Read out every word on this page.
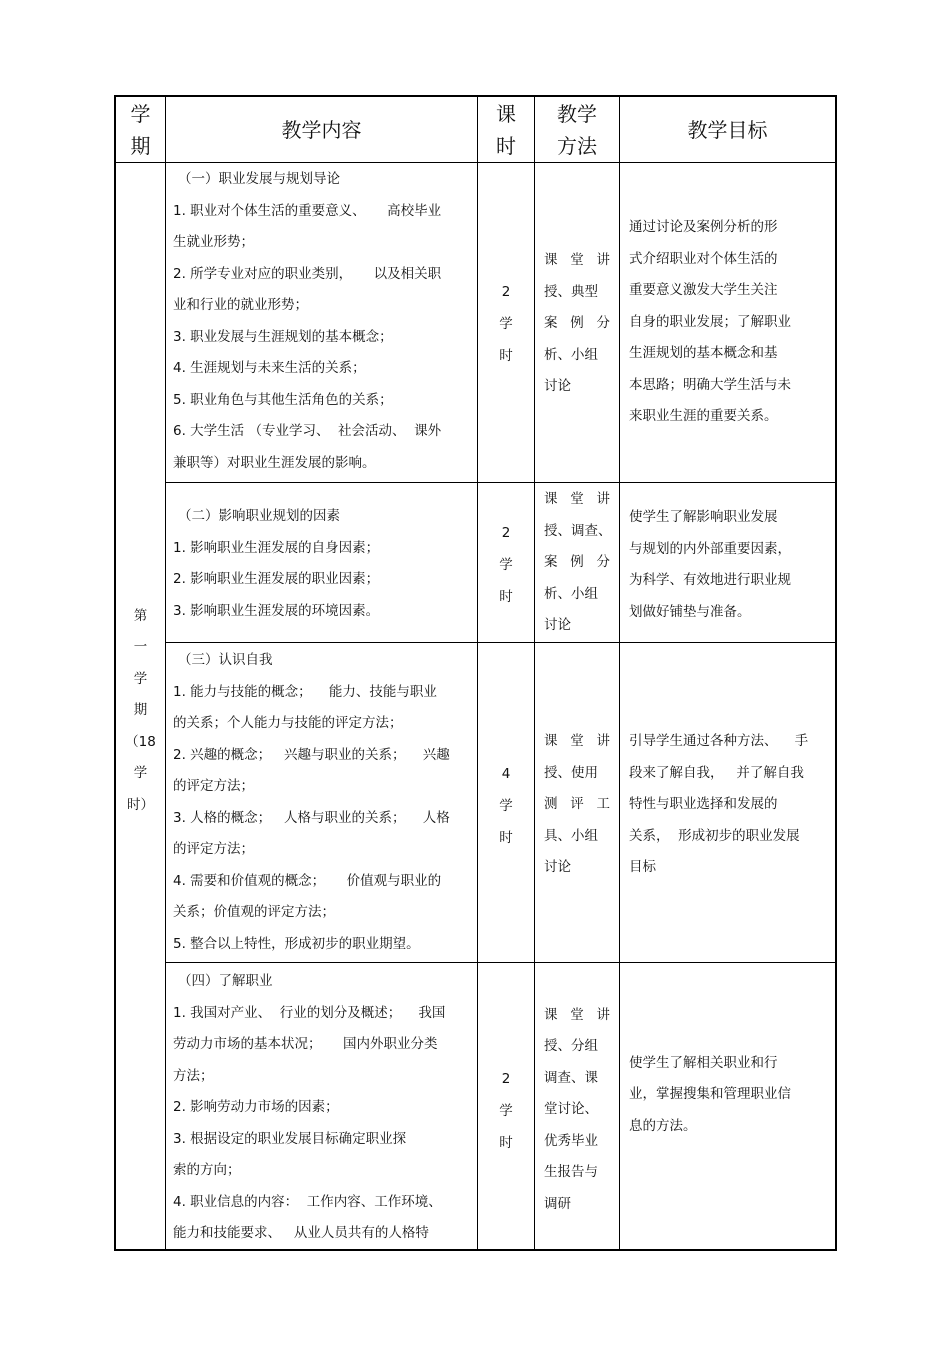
学
期
教学内容
课
时
教学
方法
教学目标
第
一
学
期
（18
学
时）
（一）职业发展与规划导论
1. 职业对个体生活的重要意义、     高校毕业
生就业形势；
2. 所学专业对应的职业类别，     以及相关职
业和行业的就业形势；
3. 职业发展与生涯规划的基本概念；
4. 生涯规划与未来生活的关系；
5. 职业角色与其他生活角色的关系；
6. 大学生活 （专业学习、  社会活动、  课外
兼职等）对职业生涯发展的影响。
2
学
时
课 堂 讲
授、典型
案 例 分
析、小组
讨论
通过讨论及案例分析的形
式介绍职业对个体生活的
重要意义激发大学生关注
自身的职业发展；了解职业
生涯规划的基本概念和基
本思路；明确大学生活与未
来职业生涯的重要关系。
（二）影响职业规划的因素
1. 影响职业生涯发展的自身因素；
2. 影响职业生涯发展的职业因素；
3. 影响职业生涯发展的环境因素。
2
学
时
课 堂 讲
授、调查、
案 例 分
析、小组
讨论
使学生了解影响职业发展
与规划的内外部重要因素，
为科学、有效地进行职业规
划做好铺垫与准备。
（三）认识自我
1. 能力与技能的概念；    能力、技能与职业
的关系；个人能力与技能的评定方法；
2. 兴趣的概念；   兴趣与职业的关系；    兴趣
的评定方法；
3. 人格的概念；   人格与职业的关系；    人格
的评定方法；
4. 需要和价值观的概念；     价值观与职业的
关系；价值观的评定方法；
5. 整合以上特性，形成初步的职业期望。
4
学
时
课 堂 讲
授、使用
测 评 工
具、小组
讨论
引导学生通过各种方法、    手
段来了解自我，   并了解自我
特性与职业选择和发展的
关系，  形成初步的职业发展
目标
（四）了解职业
1. 我国对产业、  行业的划分及概述；    我国
劳动力市场的基本状况；     国内外职业分类
方法；
2. 影响劳动力市场的因素；
3. 根据设定的职业发展目标确定职业探
索的方向；
4. 职业信息的内容：  工作内容、工作环境、
能力和技能要求、   从业人员共有的人格特
2
学
时
课 堂 讲
授、分组
调查、课
堂讨论、
优秀毕业
生报告与
调研
使学生了解相关职业和行
业，掌握搜集和管理职业信
息的方法。
